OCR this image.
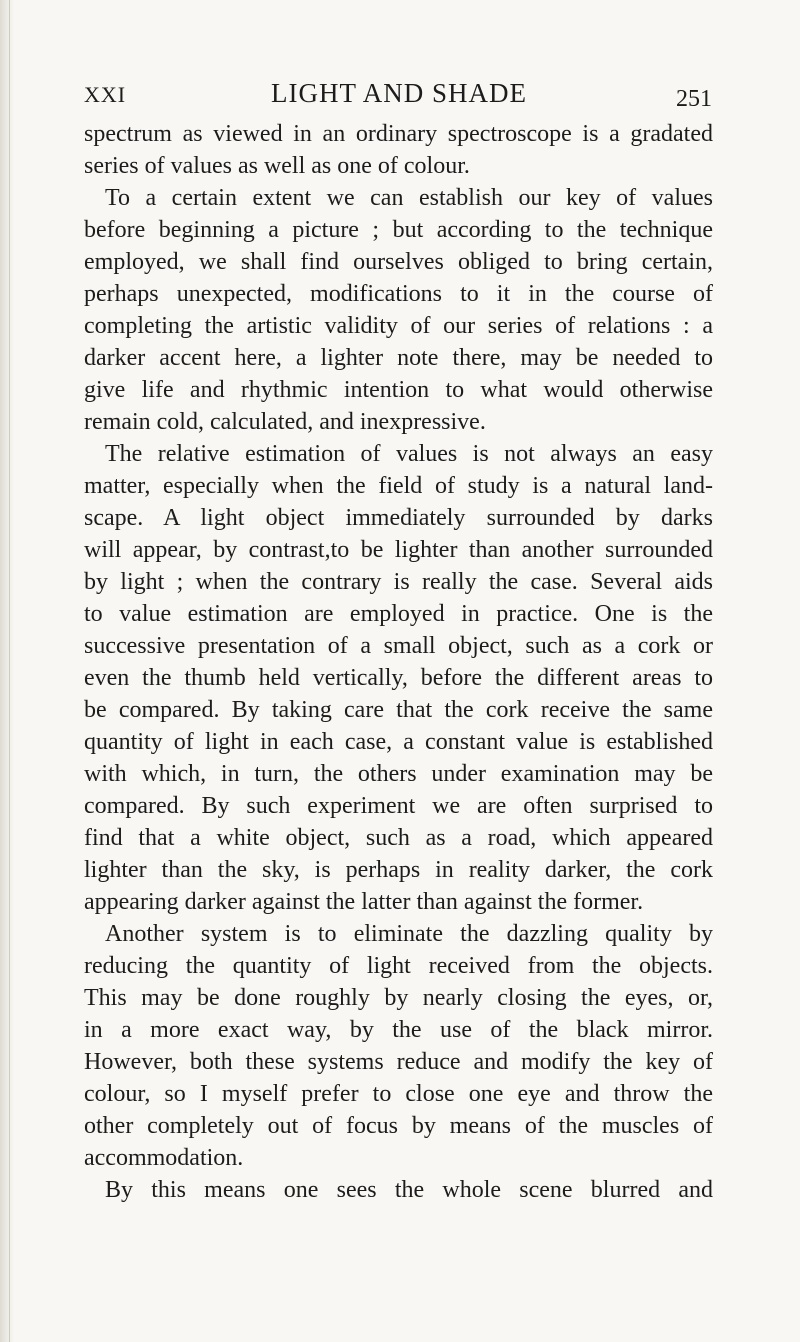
XXI	LIGHT AND SHADE	251
spectrum as viewed in an ordinary spectroscope is a gradated
series of values as well as one of colour.
To a certain extent we can establish our key of values
before beginning a picture ; but according to the technique
employed, we shall find ourselves obliged to bring certain,
perhaps unexpected, modifications to it in the course of
completing the artistic validity of our series of relations : a
darker accent here, a lighter note there, may be needed to
give life and rhythmic intention to what would otherwise
remain cold, calculated, and inexpressive.
The relative estimation of values is not always an easy
matter, especially when the field of study is a natural land-
scape. A light object immediately surrounded by darks
will appear, by contrast,to be lighter than another surrounded
by light ; when the contrary is really the case. Several aids
to value estimation are employed in practice. One is the
successive presentation of a small object, such as a cork or
even the thumb held vertically, before the different areas to
be compared. By taking care that the cork receive the same
quantity of light in each case, a constant value is established
with which, in turn, the others under examination may be
compared. By such experiment we are often surprised to
find that a white object, such as a road, which appeared
lighter than the sky, is perhaps in reality darker, the cork
appearing darker against the latter than against the former.
Another system is to eliminate the dazzling quality by
reducing the quantity of light received from the objects.
This may be done roughly by nearly closing the eyes, or,
in a more exact way, by the use of the black mirror.
However, both these systems reduce and modify the key of
colour, so I myself prefer to close one eye and throw the
other completely out of focus by means of the muscles of
accommodation.
By this means one sees the whole scene blurred and
